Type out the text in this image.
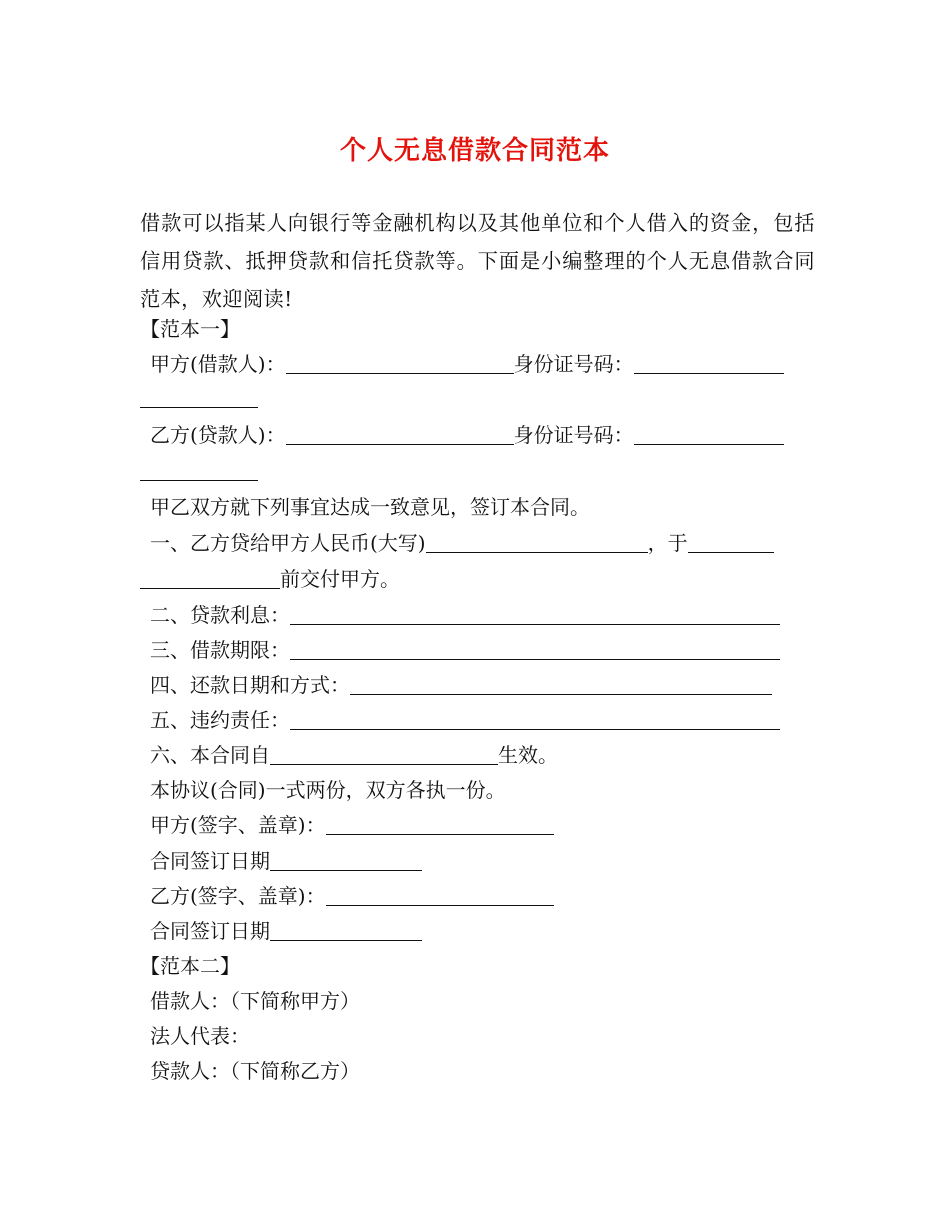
个人无息借款合同范本
借款可以指某人向银行等金融机构以及其他单位和个人借入的资金，包括信用贷款、抵押贷款和信托贷款等。下面是小编整理的个人无息借款合同范本，欢迎阅读!
【范本一】
甲方(借款人)：	身份证号码：
乙方(贷款人)：	身份证号码：
甲乙双方就下列事宜达成一致意见，签订本合同。
一、乙方贷给甲方人民币(大写)	，于
前交付甲方。
二、贷款利息：
三、借款期限：
四、还款日期和方式：
五、违约责任：
六、本合同自	生效。
本协议(合同)一式两份，双方各执一份。
甲方(签字、盖章)：
合同签订日期
乙方(签字、盖章)：
合同签订日期
【范本二】
借款人：（下简称甲方）
法人代表：
贷款人：（下简称乙方）
